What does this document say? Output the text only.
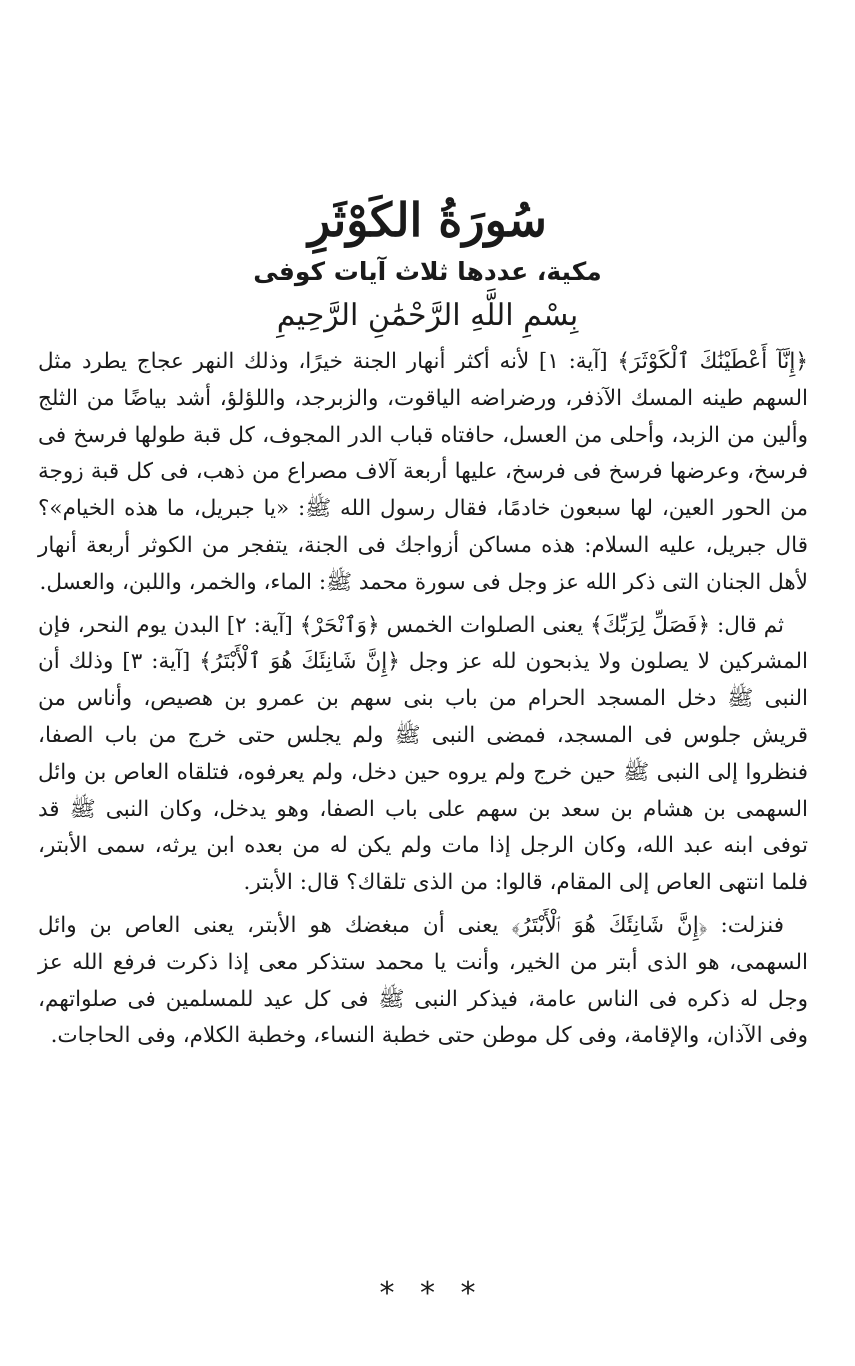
سُورَةُ الكَوْثَرِ
مكية، عددها ثلاث آيات كوفى
بِسْمِ اللَّهِ الرَّحْمَٰنِ الرَّحِيمِ

﴿إِنَّآ أَعْطَيْنَٰكَ ٱلْكَوْثَرَ﴾ [آية: ١] لأنه أكثر أنهار الجنة خيرًا، وذلك النهر عجاج يطرد مثل السهم طينه المسك الآذفر، ورضراضه الياقوت، والزبرجد، واللؤلؤ، أشد بياضًا من الثلج وألين من الزبد، وأحلى من العسل، حافتاه قباب الدر المجوف، كل قبة طولها فرسخ فى فرسخ، وعرضها فرسخ فى فرسخ، عليها أربعة آلاف مصراع من ذهب، فى كل قبة زوجة من الحور العين، لها سبعون خادمًا، فقال رسول الله ﷺ: «يا جبريل، ما هذه الخيام»؟ قال جبريل، عليه السلام: هذه مساكن أزواجك فى الجنة، يتفجر من الكوثر أربعة أنهار لأهل الجنان التى ذكر الله عز وجل فى سورة محمد ﷺ: الماء، والخمر، واللبن، والعسل.

ثم قال: ﴿فَصَلِّ لِرَبِّكَ﴾ يعنى الصلوات الخمس ﴿وَٱنْحَرْ﴾ [آية: ٢] البدن يوم النحر، فإن المشركين لا يصلون ولا يذبحون لله عز وجل ﴿إِنَّ شَانِئَكَ هُوَ ٱلْأَبْتَرُ﴾ [آية: ٣] وذلك أن النبى ﷺ دخل المسجد الحرام من باب بنى سهم بن عمرو بن هصيص، وأناس من قريش جلوس فى المسجد، فمضى النبى ﷺ ولم يجلس حتى خرج من باب الصفا، فنظروا إلى النبى ﷺ حين خرج ولم يروه حين دخل، ولم يعرفوه، فتلقاه العاص بن وائل السهمى بن هشام بن سعد بن سهم على باب الصفا، وهو يدخل، وكان النبى ﷺ قد توفى ابنه عبد الله، وكان الرجل إذا مات ولم يكن له من بعده ابن يرثه، سمى الأبتر، فلما انتهى العاص إلى المقام، قالوا: من الذى تلقاك؟ قال: الأبتر.

فنزلت: ﴿إِنَّ شَانِئَكَ هُوَ ٱلْأَبْتَرُ﴾ يعنى أن مبغضك هو الأبتر، يعنى العاص بن وائل السهمى، هو الذى أبتر من الخير، وأنت يا محمد ستذكر معى إذا ذكرت فرفع الله عز وجل له ذكره فى الناس عامة، فيذكر النبى ﷺ فى كل عيد للمسلمين فى صلواتهم، وفى الآذان، والإقامة، وفى كل موطن حتى خطبة النساء، وخطبة الكلام، وفى الحاجات.

* * *
